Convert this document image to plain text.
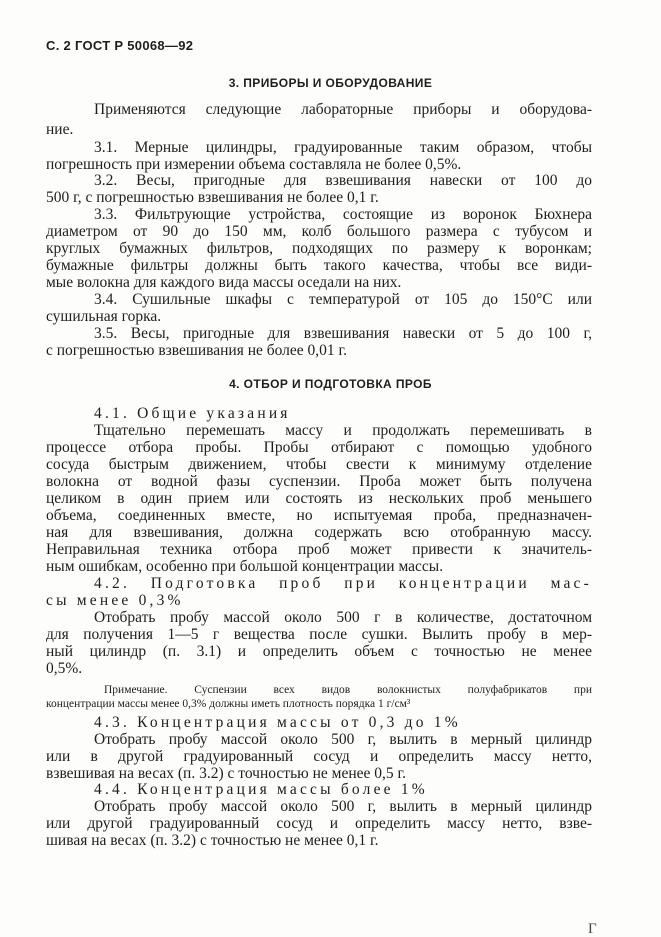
С. 2 ГОСТ Р 50068—92
3. ПРИБОРЫ И ОБОРУДОВАНИЕ
Применяются следующие лабораторные приборы и оборудова-
ние.
3.1. Мерные цилиндры, градуированные таким образом, чтобы
погрешность при измерении объема составляла не более 0,5%.
3.2. Весы, пригодные для взвешивания навески от 100 до
500 г, с погрешностью взвешивания не более 0,1 г.
3.3. Фильтрующие устройства, состоящие из воронок Бюхнера
диаметром от 90 до 150 мм, колб большого размера с тубусом и
круглых бумажных фильтров, подходящих по размеру к воронкам;
бумажные фильтры должны быть такого качества, чтобы все види-
мые волокна для каждого вида массы оседали на них.
3.4. Сушильные шкафы с температурой от 105 до 150°С или
сушильная горка.
3.5. Весы, пригодные для взвешивания навески от 5 до 100 г,
с погрешностью взвешивания не более 0,01 г.
4. ОТБОР И ПОДГОТОВКА ПРОБ
4.1. Общие указания
Тщательно перемешать массу и продолжать перемешивать в
процессе отбора пробы. Пробы отбирают с помощью удобного
сосуда быстрым движением, чтобы свести к минимуму отделение
волокна от водной фазы суспензии. Проба может быть получена
целиком в один прием или состоять из нескольких проб меньшего
объема, соединенных вместе, но испытуемая проба, предназначен-
ная для взвешивания, должна содержать всю отобранную массу.
Неправильная техника отбора проб может привести к значитель-
ным ошибкам, особенно при большой концентрации массы.
4.2. Подготовка проб при концентрации мас-
сы менее 0,3%
Отобрать пробу массой около 500 г в количестве, достаточном
для получения 1—5 г вещества после сушки. Вылить пробу в мер-
ный цилиндр (п. 3.1) и определить объем с точностью не менее
0,5%.
Примечание. Суспензии всех видов волокнистых полуфабрикатов при
концентрации массы менее 0,3% должны иметь плотность порядка 1 г/см³
4.3. Концентрация массы от 0,3 до 1%
Отобрать пробу массой около 500 г, вылить в мерный цилиндр
или в другой градуированный сосуд и определить массу нетто,
взвешивая на весах (п. 3.2) с точностью не менее 0,5 г.
4.4. Концентрация массы более 1%
Отобрать пробу массой около 500 г, вылить в мерный цилиндр
или другой градуированный сосуд и определить массу нетто, взве-
шивая на весах (п. 3.2) с точностью не менее 0,1 г.
Г
